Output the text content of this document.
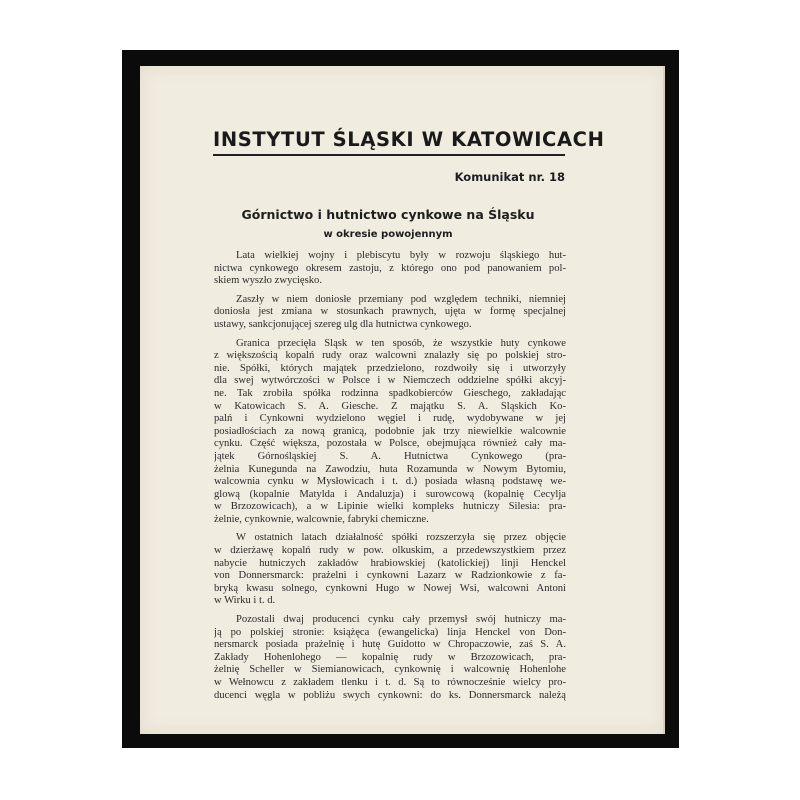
INSTYTUT ŚLĄSKI W KATOWICACH
Komunikat nr. 18
Górnictwo i hutnictwo cynkowe na Śląsku
w okresie powojennym
Lata wielkiej wojny i plebiscytu były w rozwoju śląskiego hut-
nictwa cynkowego okresem zastoju, z którego ono pod panowaniem pol-
skiem wyszło zwycięsko.
Zaszły w niem doniosłe przemiany pod względem techniki, niemniej
doniosła jest zmiana w stosunkach prawnych, ujęta w formę specjalnej
ustawy, sankcjonującej szereg ulg dla hutnictwa cynkowego.
Granica przecięła Śląsk w ten sposób, że wszystkie huty cynkowe
z większością kopalń rudy oraz walcowni znalazły się po polskiej stro-
nie. Spółki, których majątek przedzielono, rozdwoiły się i utworzyły
dla swej wytwórczości w Polsce i w Niemczech oddzielne spółki akcyj-
ne. Tak zrobiła spółka rodzinna spadkobierców Gieschego, zakładając
w Katowicach S. A. Giesche. Z majątku S. A. Śląskich Ko-
palń i Cynkowni wydzielono węgiel i rudę, wydobywane w jej
posiadłościach za nową granicą, podobnie jak trzy niewielkie walcownie
cynku. Część większa, pozostała w Polsce, obejmująca również cały ma-
jątek Górnośląskiej S. A. Hutnictwa Cynkowego (pra-
żelnia Kunegunda na Zawodziu, huta Rozamunda w Nowym Bytomiu,
walcownia cynku w Mysłowicach i t. d.) posiada własną podstawę we-
glową (kopalnie Matylda i Andaluzja) i surowcową (kopalnię Cecylja
w Brzozowicach), a w Lipinie wielki kompleks hutniczy Silesia: pra-
żelnie, cynkownie, walcownie, fabryki chemiczne.
W ostatnich latach działalność spółki rozszerzyła się przez objęcie
w dzierżawę kopalń rudy w pow. olkuskim, a przedewszystkiem przez
nabycie hutniczych zakładów hrabiowskiej (katolickiej) linji Henckel
von Donnersmarck: prażelni i cynkowni Lazarz w Radzionkowie z fa-
bryką kwasu solnego, cynkowni Hugo w Nowej Wsi, walcowni Antoni
w Wirku i t. d.
Pozostali dwaj producenci cynku cały przemysł swój hutniczy ma-
ją po polskiej stronie: książęca (ewangelicka) linja Henckel von Don-
nersmarck posiada prażelnię i hutę Guidotto w Chropaczowie, zaś S. A.
Zakłady Hohenlohego — kopalnię rudy w Brzozowicach, pra-
żelnię Scheller w Siemianowicach, cynkownię i walcownię Hohenlohe
w Wełnowcu z zakładem tlenku i t. d. Są to równocześnie wielcy pro-
ducenci węgla w pobliżu swych cynkowni: do ks. Donnersmarck należą
